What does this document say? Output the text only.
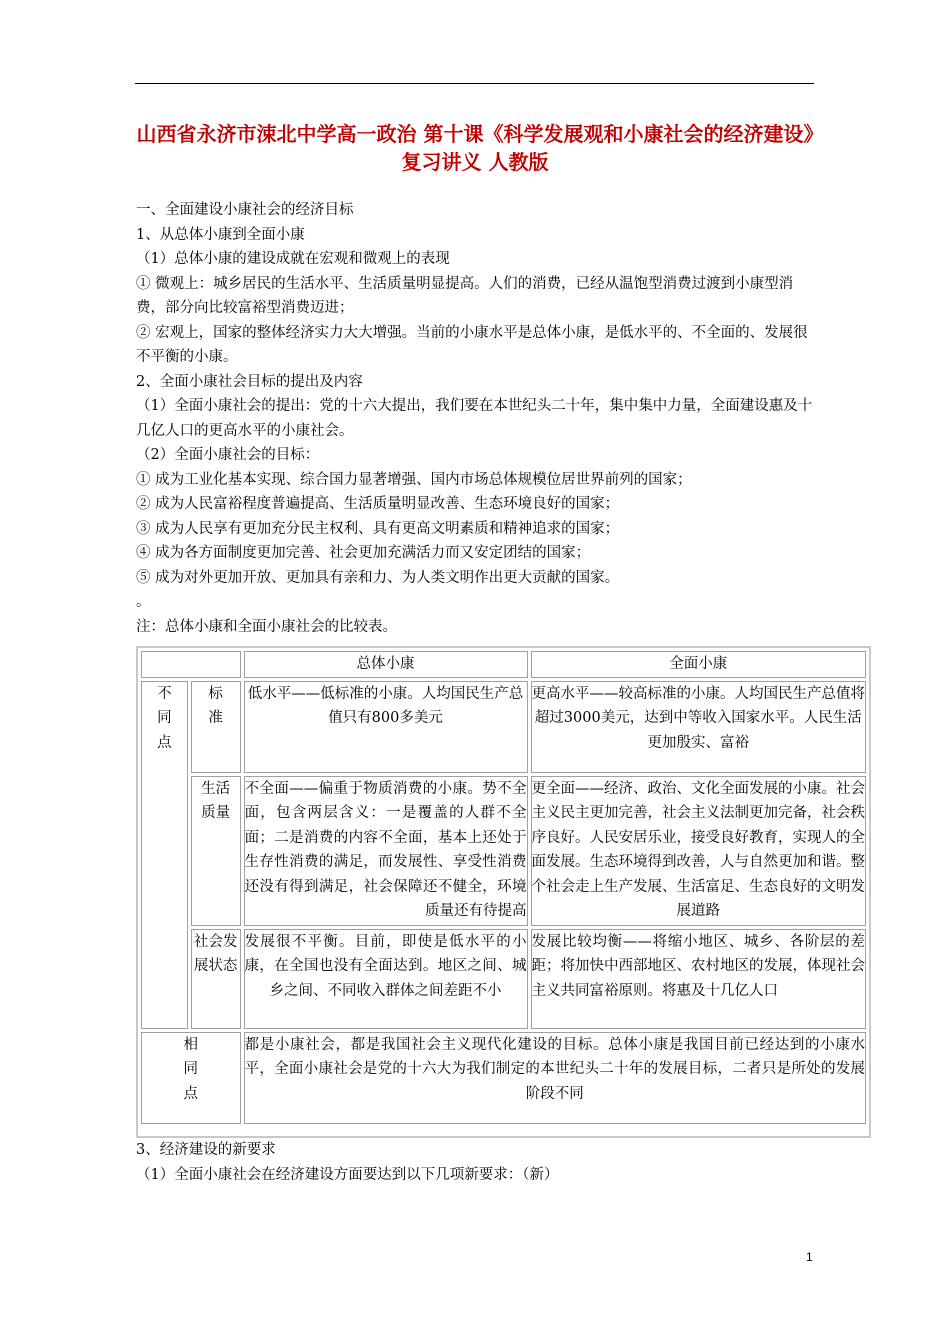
山西省永济市涑北中学高一政治 第十课《科学发展观和小康社会的经济建设》复习讲义 人教版

一、全面建设小康社会的经济目标

1、从总体小康到全面小康

（1）总体小康的建设成就在宏观和微观上的表现

① 微观上：城乡居民的生活水平、生活质量明显提高。人们的消费，已经从温饱型消费过渡到小康型消费，部分向比较富裕型消费迈进；

② 宏观上，国家的整体经济实力大大增强。当前的小康水平是总体小康，是低水平的、不全面的、发展很不平衡的小康。

2、全面小康社会目标的提出及内容

（1）全面小康社会的提出：党的十六大提出，我们要在本世纪头二十年，集中集中力量，全面建设惠及十几亿人口的更高水平的小康社会。

（2）全面小康社会的目标：

① 成为工业化基本实现、综合国力显著增强、国内市场总体规模位居世界前列的国家；

② 成为人民富裕程度普遍提高、生活质量明显改善、生态环境良好的国家；

③ 成为人民享有更加充分民主权利、具有更高文明素质和精神追求的国家；

④ 成为各方面制度更加完善、社会更加充满活力而又安定团结的国家；

⑤ 成为对外更加开放、更加具有亲和力、为人类文明作出更大贡献的国家。

。

注：总体小康和全面小康社会的比较表。

		总体小康	全面小康

不同点	标准	低水平——低标准的小康。人均国民生产总值只有800多美元	更高水平——较高标准的小康。人均国民生产总值将超过3000美元，达到中等收入国家水平。人民生活更加殷实、富裕

	生活质量	不全面——偏重于物质消费的小康。势不全面，包含两层含义：一是覆盖的人群不全面；二是消费的内容不全面，基本上还处于生存性消费的满足，而发展性、享受性消费还没有得到满足，社会保障还不健全，环境质量还有待提高	更全面——经济、政治、文化全面发展的小康。社会主义民主更加完善，社会主义法制更加完备，社会秩序良好。人民安居乐业，接受良好教育，实现人的全面发展。生态环境得到改善，人与自然更加和谐。整个社会走上生产发展、生活富足、生态良好的文明发展道路

	社会发展状态	发展很不平衡。目前，即使是低水平的小康，在全国也没有全面达到。地区之间、城乡之间、不同收入群体之间差距不小	发展比较均衡——将缩小地区、城乡、各阶层的差距；将加快中西部地区、农村地区的发展，体现社会主义共同富裕原则。将惠及十几亿人口

相同点		都是小康社会，都是我国社会主义现代化建设的目标。总体小康是我国目前已经达到的小康水平，全面小康社会是党的十六大为我们制定的本世纪头二十年的发展目标，二者只是所处的发展阶段不同	

3、经济建设的新要求

（1）全面小康社会在经济建设方面要达到以下几项新要求：（新）

1
